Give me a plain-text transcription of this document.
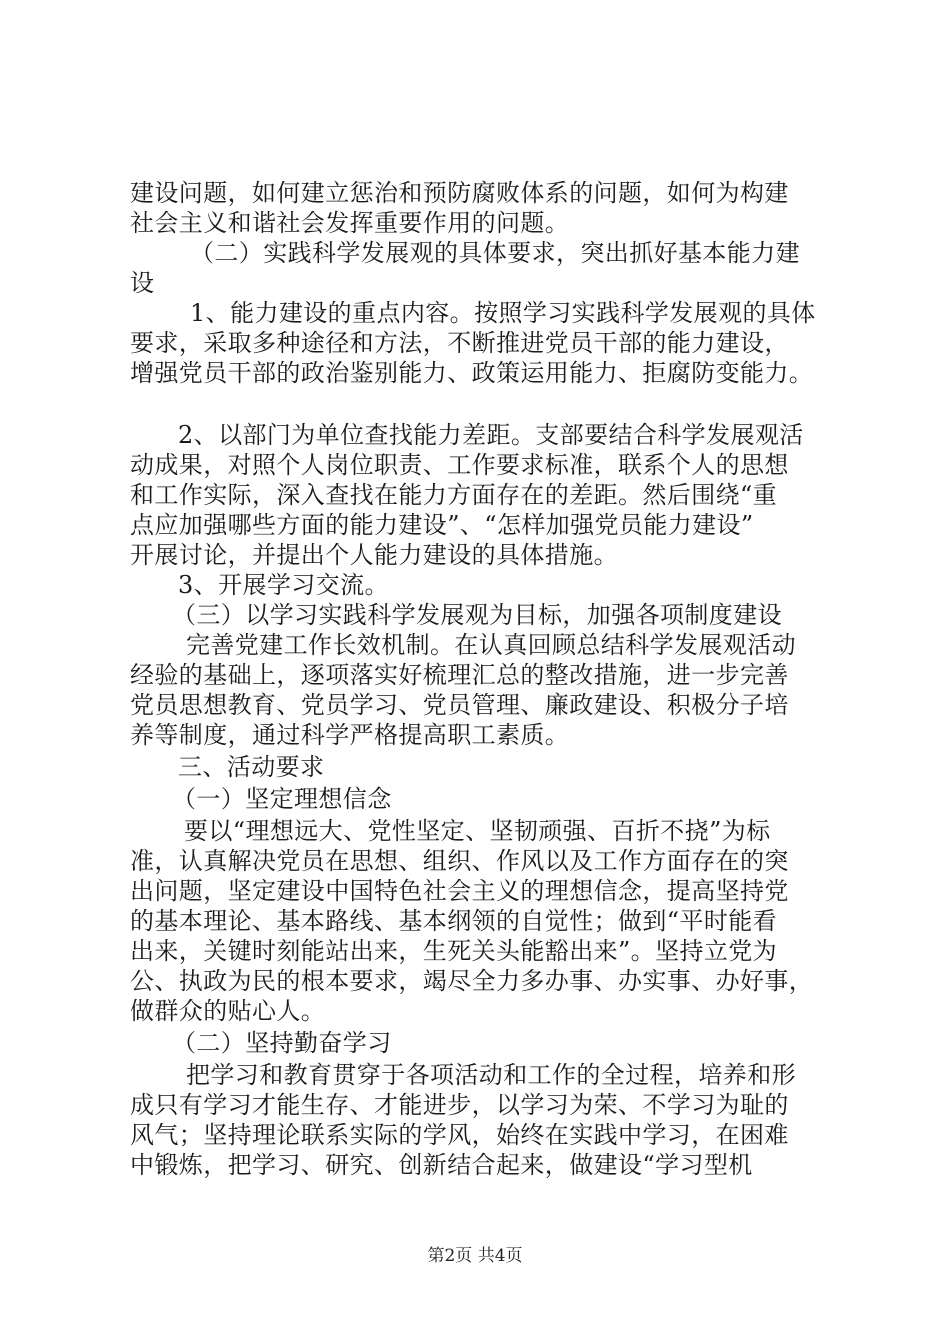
建设问题，如何建立惩治和预防腐败体系的问题，如何为构建
社会主义和谐社会发挥重要作用的问题。
（二）实践科学发展观的具体要求，突出抓好基本能力建
设
1、能力建设的重点内容。按照学习实践科学发展观的具体
要求，采取多种途径和方法，不断推进党员干部的能力建设，
增强党员干部的政治鉴别能力、政策运用能力、拒腐防变能力。
2、以部门为单位查找能力差距。支部要结合科学发展观活
动成果，对照个人岗位职责、工作要求标准，联系个人的思想
和工作实际，深入查找在能力方面存在的差距。然后围绕“重
点应加强哪些方面的能力建设”、“怎样加强党员能力建设”
开展讨论，并提出个人能力建设的具体措施。
3、开展学习交流。
（三）以学习实践科学发展观为目标，加强各项制度建设
完善党建工作长效机制。在认真回顾总结科学发展观活动
经验的基础上，逐项落实好梳理汇总的整改措施，进一步完善
党员思想教育、党员学习、党员管理、廉政建设、积极分子培
养等制度，通过科学严格提高职工素质。
三、活动要求
（一）坚定理想信念
要以“理想远大、党性坚定、坚韧顽强、百折不挠”为标
准，认真解决党员在思想、组织、作风以及工作方面存在的突
出问题，坚定建设中国特色社会主义的理想信念，提高坚持党
的基本理论、基本路线、基本纲领的自觉性；做到“平时能看
出来，关键时刻能站出来，生死关头能豁出来”。坚持立党为
公、执政为民的根本要求，竭尽全力多办事、办实事、办好事，
做群众的贴心人。
（二）坚持勤奋学习
把学习和教育贯穿于各项活动和工作的全过程，培养和形
成只有学习才能生存、才能进步，以学习为荣、不学习为耻的
风气；坚持理论联系实际的学风，始终在实践中学习，在困难
中锻炼，把学习、研究、创新结合起来，做建设“学习型机
第2页 共4页
